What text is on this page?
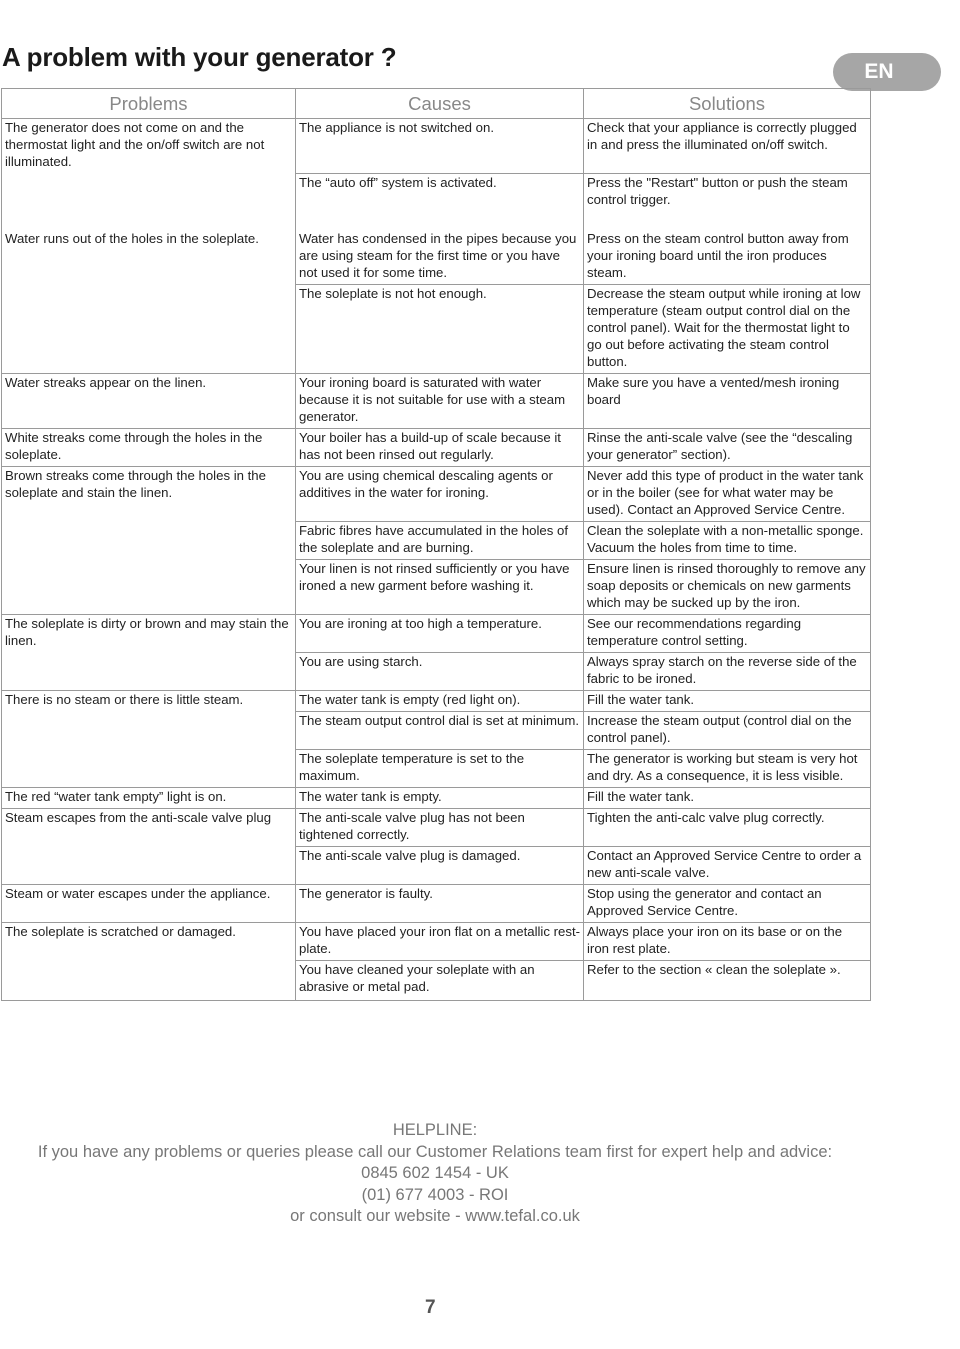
A problem with your generator ?	EN
Problems	Causes	Solutions
The generator does not come on and the thermostat light and the on/off switch are not illuminated.	The appliance is not switched on.	Check that your appliance is correctly plugged in and press the illuminated on/off switch.
	The “auto off” system is activated.	Press the "Restart" button or push the steam control trigger.
Water runs out of the holes in the soleplate.	Water has condensed in the pipes because you are using steam for the first time or you have not used it for some time.	Press on the steam control button away from your ironing board until the iron produces steam.
	The soleplate is not hot enough.	Decrease the steam output while ironing at low temperature (steam output control dial on the control panel). Wait for the thermostat light to go out before activating the steam control button.
Water streaks appear on the linen.	Your ironing board is saturated with water because it is not suitable for use with a steam generator.	Make sure you have a vented/mesh ironing board
White streaks come through the holes in the soleplate.	Your boiler has a build-up of scale because it has not been rinsed out regularly.	Rinse the anti-scale valve (see the “descaling your generator” section).
Brown streaks come through the holes in the soleplate and stain the linen.	You are using chemical descaling agents or additives in the water for ironing.	Never add this type of product in the water tank or in the boiler (see for what water may be used). Contact an Approved Service Centre.
	Fabric fibres have accumulated in the holes of the soleplate and are burning.	Clean the soleplate with a non-metallic sponge. Vacuum the holes from time to time.
	Your linen is not rinsed sufficiently or you have ironed a new garment before washing it.	Ensure linen is rinsed thoroughly to remove any soap deposits or chemicals on new garments which may be sucked up by the iron.
The soleplate is dirty or brown and may stain the linen.	You are ironing at too high a temperature.	See our recommendations regarding temperature control setting.
	You are using starch.	Always spray starch on the reverse side of the fabric to be ironed.
There is no steam or there is little steam.	The water tank is empty (red light on).	Fill the water tank.
	The steam output control dial is set at minimum.	Increase the steam output (control dial on the control panel).
	The soleplate temperature is set to the maximum.	The generator is working but steam is very hot and dry. As a consequence, it is less visible.
The red “water tank empty” light is on.	The water tank is empty.	Fill the water tank.
Steam escapes from the anti-scale valve plug	The anti-scale valve plug has not been tightened correctly.	Tighten the anti-calc valve plug correctly.
	The anti-scale valve plug is damaged.	Contact an Approved Service Centre to order a new anti-scale valve.
Steam or water escapes under the appliance.	The generator is faulty.	Stop using the generator and contact an Approved Service Centre.
The soleplate is scratched or damaged.	You have placed your iron flat on a metallic rest-plate.	Always place your iron on its base or on the iron rest plate.
	You have cleaned your soleplate with an abrasive or metal pad.	Refer to the section « clean the soleplate ».
HELPLINE:
If you have any problems or queries please call our Customer Relations team first for expert help and advice:
0845 602 1454 - UK
(01) 677 4003 - ROI
or consult our website - www.tefal.co.uk
7
